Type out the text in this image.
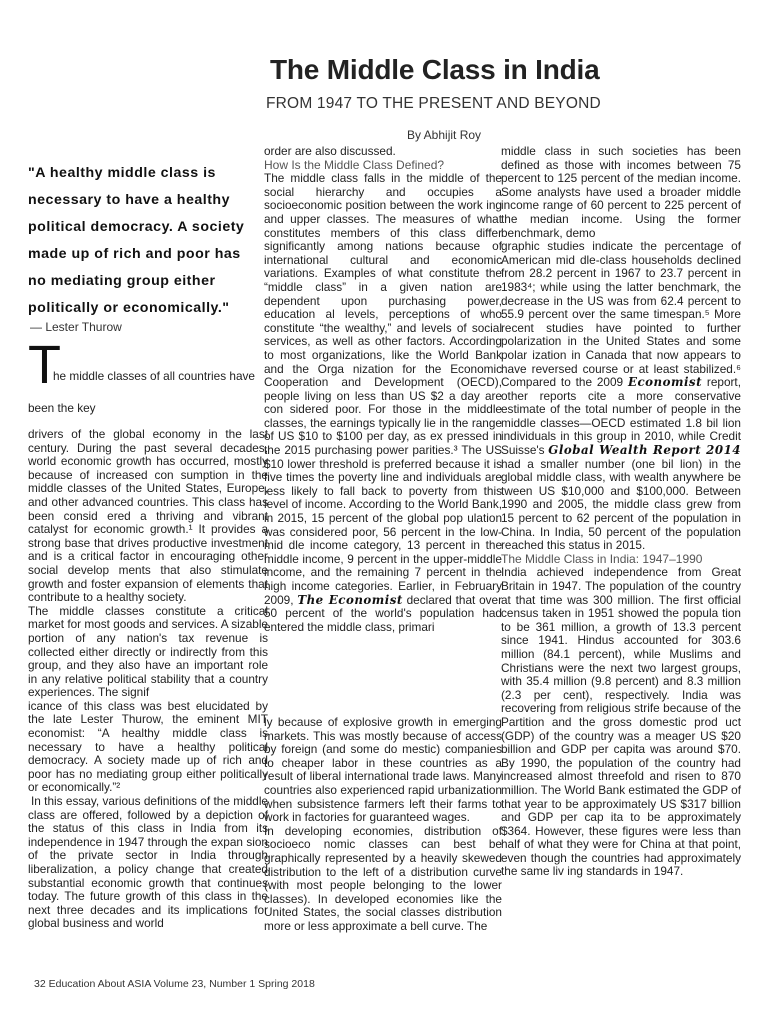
The Middle Class in India
FROM 1947 TO THE PRESENT AND BEYOND
By Abhijit Roy
"A healthy middle class is necessary to have a healthy political democracy. A society made up of rich and poor has no mediating group either politically or economically."
— Lester Thurow
T
he middle classes of all countries have

been the key

drivers of the global economy in the last century. During the past several decades, world economic growth has occurred, mostly because of increased con sumption in the middle classes of the United States, Europe, and other advanced countries. This class has been consid ered a thriving and vibrant catalyst for economic growth.¹ It provides a strong base that drives productive investment and is a critical factor in encouraging other social develop ments that also stimulate growth and foster expansion of elements that contribute to a healthy society.

The middle classes constitute a critical market for most goods and services. A sizable portion of any nation's tax revenue is collected either directly or indirectly from this group, and they also have an important role in any relative political stability that a country experiences. The signif

icance of this class was best elucidated by the late Lester Thurow, the eminent MIT economist: “A healthy middle class is necessary to have a healthy political democracy. A society made up of rich and poor has no mediating group either politically or economically.”²

In this essay, various definitions of the middle class are offered, followed by a depiction of the status of this class in India from its independence in 1947 through the expan sion of the private sector in India through liberalization, a policy change that created substantial economic growth that continues today. The future growth of this class in the next three decades and its implications for global business and world

order are also discussed.

How Is the Middle Class Defined?

The middle class falls in the middle of the social hierarchy and occupies a socioeconomic position between the work ing and upper classes. The measures of what constitutes members of this class differ significantly among nations because of international cultural and economic variations. Examples of what constitute the “middle class” in a given nation are dependent upon purchasing power, education al levels, perceptions of who constitute “the wealthy,” and levels of social services, as well as other factors. According to most organizations, like the World Bank and the Orga nization for the Economic Cooperation and Development (OECD), people living on less than US $2 a day are con sidered poor. For those in the middle classes, the earnings typically lie in the range of US $10 to $100 per day, as ex pressed in the 2015 purchasing power parities.³ The US $10 lower threshold is preferred because it is five times the poverty line and individuals are less likely to fall back to poverty from this level of income. According to the World Bank, in 2015, 15 percent of the global pop ulation was considered poor, 56 percent in the low-mid dle income category, 13 percent in the middle income, 9 percent in the upper-middle income, and the remaining 7 percent in the high income categories. Earlier, in February 2009, The Economist declared that over 50 percent of the world's population had entered the middle class, primari

ly because of explosive growth in emerging markets. This was mostly because of access by foreign (and some do mestic) companies to cheaper labor in these countries as a result of liberal international trade laws. Many countries also experienced rapid urbanization when subsistence farmers left their farms to work in factories for guaranteed wages.

In developing economies, distribution of socioeco nomic classes can best be graphically represented by a heavily skewed distribution to the left of a distribution curve (with most people belonging to the lower classes). In developed economies like the United States, the social classes distribution more or less approximate a bell curve. The

middle class in such societies has been defined as those with incomes between 75 percent to 125 percent of the median income. Some analysts have used a broader middle income range of 60 percent to 225 percent of the median income. Using the former benchmark, demo

graphic studies indicate the percentage of American mid dle-class households declined from 28.2 percent in 1967 to 23.7 percent in 1983⁴; while using the latter benchmark, the decrease in the US was from 62.4 percent to 55.9 percent over the same timespan.⁵ More recent studies have pointed to further polarization in the United States and some polar ization in Canada that now appears to have reversed course or at least stabilized.⁶ Compared to the 2009 Economist report, other reports cite a more conservative estimate of the total number of people in the middle classes—OECD estimated 1.8 bil lion individuals in this group in 2010, while Credit Suisse's Global Wealth Report 2014 had a smaller number (one bil lion) in the global middle class, with wealth anywhere be tween US $10,000 and $100,000. Between 1990 and 2005, the middle class grew from 15 percent to 62 percent of the population in China. In India, 50 percent of the population reached this status in 2015.

The Middle Class in India: 1947–1990

India achieved independence from Great Britain in 1947. The population of the country at that time was 300 million. The first official census taken in 1951 showed the popula tion to be 361 million, a growth of 13.3 percent since 1941. Hindus accounted for 303.6 million (84.1 percent), while Muslims and Christians were the next two largest groups, with 35.4 million (9.8 percent) and 8.3 million (2.3 per cent), respectively. India was recovering from religious strife because of the Partition and the gross domestic prod uct (GDP) of the country was a meager US $20 billion and GDP per capita was around $70. By 1990, the population of the country had increased almost threefold and risen to 870 million. The World Bank estimated the GDP of that year to be approximately US $317 billion and GDP per cap ita to be approximately $364. However, these figures were less than half of what they were for China at that point, even though the countries had approximately the same liv ing standards in 1947.

32 Education About ASIA Volume 23, Number 1 Spring 2018
